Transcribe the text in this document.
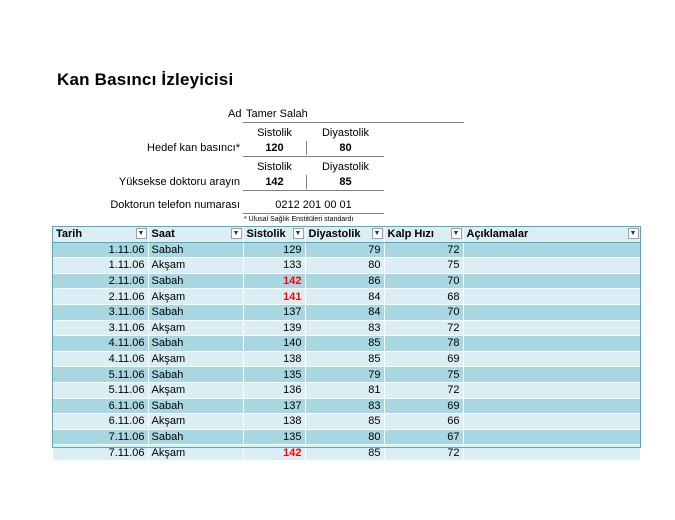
Kan Basıncı İzleyicisi
Ad Tamer Salah
Sistolik	Diyastolik
Hedef kan basıncı*	120	80
Sistolik	Diyastolik
Yüksekse doktoru arayın	142	85
Doktorun telefon numarası	0212 201 00 01
* Ulusal Sağlık Enstitüleri standardı
Tarih ▼	Saat ▼	Sistolik ▼	Diyastolik ▼	Kalp Hızı ▼	Açıklamalar ▼

1.11.06	Sabah	129	79	72	
1.11.06	Akşam	133	80	75	
2.11.06	Sabah	142	86	70	
2.11.06	Akşam	141	84	68	
3.11.06	Sabah	137	84	70	
3.11.06	Akşam	139	83	72	
4.11.06	Sabah	140	85	78	
4.11.06	Akşam	138	85	69	
5.11.06	Sabah	135	79	75	
5.11.06	Akşam	136	81	72	
6.11.06	Sabah	137	83	69	
6.11.06	Akşam	138	85	66	
7.11.06	Sabah	135	80	67	
7.11.06	Akşam	142	85	72	
